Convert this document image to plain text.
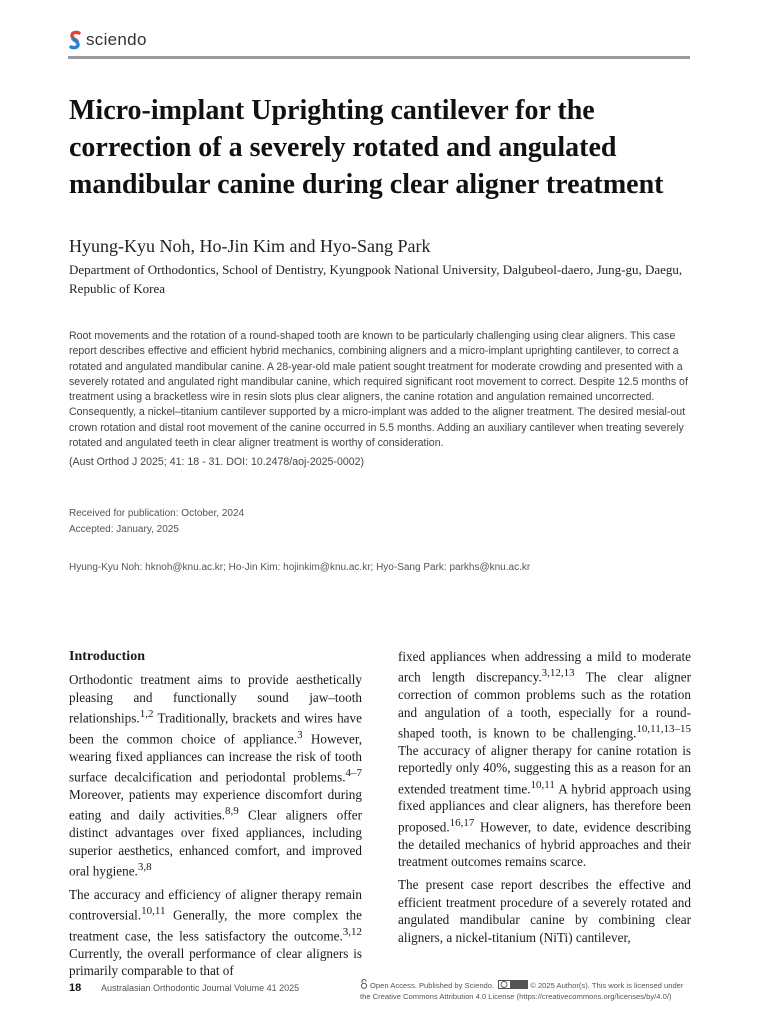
sciendo
Micro-implant Uprighting cantilever for the correction of a severely rotated and angulated mandibular canine during clear aligner treatment

Hyung-Kyu Noh, Ho-Jin Kim and Hyo-Sang Park

Department of Orthodontics, School of Dentistry, Kyungpook National University, Dalgubeol-daero, Jung-gu, Daegu, Republic of Korea

Root movements and the rotation of a round-shaped tooth are known to be particularly challenging using clear aligners. This case report describes effective and efficient hybrid mechanics, combining aligners and a micro-implant uprighting cantilever, to correct a rotated and angulated mandibular canine. A 28-year-old male patient sought treatment for moderate crowding and presented with a severely rotated and angulated right mandibular canine, which required significant root movement to correct. Despite 12.5 months of treatment using a bracketless wire in resin slots plus clear aligners, the canine rotation and angulation remained uncorrected. Consequently, a nickel–titanium cantilever supported by a micro-implant was added to the aligner treatment. The desired mesial-out crown rotation and distal root movement of the canine occurred in 5.5 months. Adding an auxiliary cantilever when treating severely rotated and angulated teeth in clear aligner treatment is worthy of consideration.

(Aust Orthod J 2025; 41: 18 - 31. DOI: 10.2478/aoj-2025-0002)

Received for publication: October, 2024
Accepted: January, 2025

Hyung-Kyu Noh: hknoh@knu.ac.kr; Ho-Jin Kim: hojinkim@knu.ac.kr; Hyo-Sang Park: parkhs@knu.ac.kr

Introduction

Orthodontic treatment aims to provide aesthetically pleasing and functionally sound jaw–tooth relationships.$^{1,2}$ Traditionally, brackets and wires have been the common choice of appliance.$^3$ However, wearing fixed appliances can increase the risk of tooth surface decalcification and periodontal problems.$^{4-7}$ Moreover, patients may experience discomfort during eating and daily activities.$^{8,9}$ Clear aligners offer distinct advantages over fixed appliances, including superior aesthetics, enhanced comfort, and improved oral hygiene.$^{3,8}$

The accuracy and efficiency of aligner therapy remain controversial.$^{10,11}$ Generally, the more complex the treatment case, the less satisfactory the outcome.$^{3,12}$ Currently, the overall performance of clear aligners is primarily comparable to that of

fixed appliances when addressing a mild to moderate arch length discrepancy.$^{3,12,13}$ The clear aligner correction of common problems such as the rotation and angulation of a tooth, especially for a round-shaped tooth, is known to be challenging.$^{10,11,13-15}$ The accuracy of aligner therapy for canine rotation is reportedly only 40%, suggesting this as a reason for an extended treatment time.$^{10,11}$ A hybrid approach using fixed appliances and clear aligners, has therefore been proposed.$^{16,17}$ However, to date, evidence describing the detailed mechanics of hybrid approaches and their treatment outcomes remains scarce.

The present case report describes the effective and efficient treatment procedure of a severely rotated and angulated mandibular canine by combining clear aligners, a nickel-titanium (NiTi) cantilever,

18 Australasian Orthodontic Journal Volume 41 2025	Open Access. Published by Sciendo.	© 2025 Author(s). This work is licensed under
the Creative Commons Attribution 4.0 License (https://creativecommons.org/licenses/by/4.0/)
